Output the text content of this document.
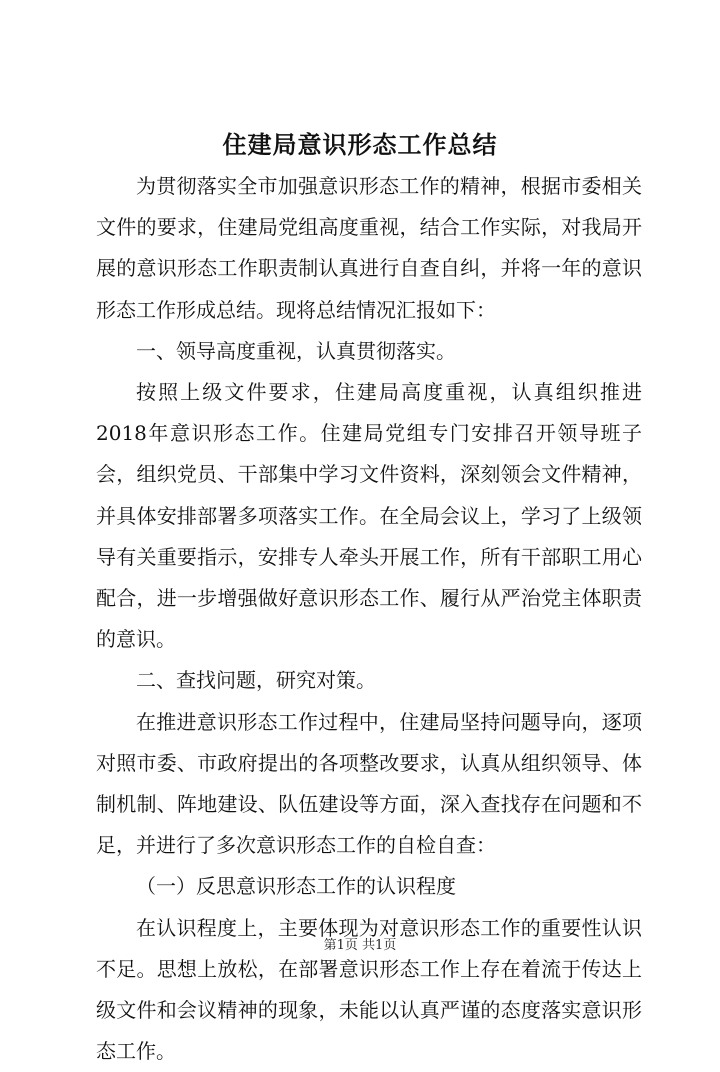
住建局意识形态工作总结

为贯彻落实全市加强意识形态工作的精神，根据市委相关文件的要求，住建局党组高度重视，结合工作实际，对我局开展的意识形态工作职责制认真进行自查自纠，并将一年的意识形态工作形成总结。现将总结情况汇报如下：

一、领导高度重视，认真贯彻落实。

按照上级文件要求，住建局高度重视，认真组织推进2018年意识形态工作。住建局党组专门安排召开领导班子会，组织党员、干部集中学习文件资料，深刻领会文件精神，并具体安排部署多项落实工作。在全局会议上，学习了上级领导有关重要指示，安排专人牵头开展工作，所有干部职工用心配合，进一步增强做好意识形态工作、履行从严治党主体职责的意识。

二、查找问题，研究对策。

在推进意识形态工作过程中，住建局坚持问题导向，逐项对照市委、市政府提出的各项整改要求，认真从组织领导、体制机制、阵地建设、队伍建设等方面，深入查找存在问题和不足，并进行了多次意识形态工作的自检自查：

（一）反思意识形态工作的认识程度

在认识程度上，主要体现为对意识形态工作的重要性认识不足。思想上放松，在部署意识形态工作上存在着流于传达上级文件和会议精神的现象，未能以认真严谨的态度落实意识形态工作。

第1页 共1页
